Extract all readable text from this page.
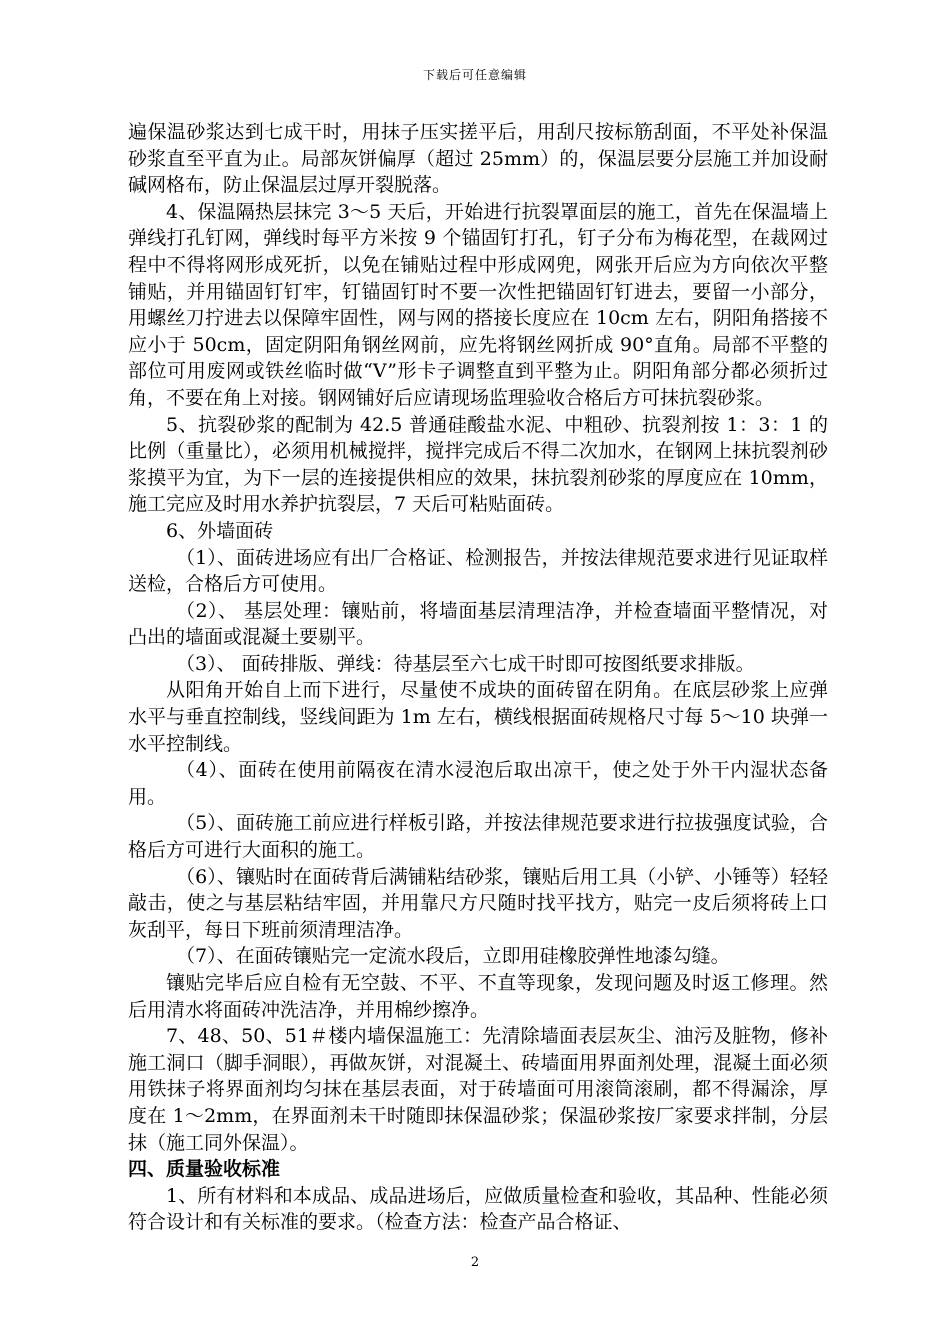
下载后可任意编辑

遍保温砂浆达到七成干时，用抹子压实搓平后，用刮尺按标筋刮面，不平处补保温砂浆直至平直为止。局部灰饼偏厚（超过 25mm）的，保温层要分层施工并加设耐碱网格布，防止保温层过厚开裂脱落。

4、保温隔热层抹完 3～5 天后，开始进行抗裂罩面层的施工，首先在保温墙上弹线打孔钉网，弹线时每平方米按 9 个锚固钉打孔，钉子分布为梅花型，在裁网过程中不得将网形成死折，以免在铺贴过程中形成网兜，网张开后应为方向依次平整铺贴，并用锚固钉钉牢，钉锚固钉时不要一次性把锚固钉钉进去，要留一小部分，用螺丝刀拧进去以保障牢固性，网与网的搭接长度应在 10cm 左右，阴阳角搭接不应小于 50cm，固定阴阳角钢丝网前，应先将钢丝网折成 90°直角。局部不平整的部位可用废网或铁丝临时做“V”形卡子调整直到平整为止。阴阳角部分都必须折过角，不要在角上对接。钢网铺好后应请现场监理验收合格后方可抹抗裂砂浆。

5、抗裂砂浆的配制为 42.5 普通硅酸盐水泥、中粗砂、抗裂剂按 1：3：1 的比例（重量比），必须用机械搅拌，搅拌完成后不得二次加水，在钢网上抹抗裂剂砂浆摸平为宜，为下一层的连接提供相应的效果，抹抗裂剂砂浆的厚度应在 10mm，施工完应及时用水养护抗裂层，7 天后可粘贴面砖。

6、外墙面砖

（1）、面砖进场应有出厂合格证、检测报告，并按法律规范要求进行见证取样送检，合格后方可使用。

（2）、 基层处理：镶贴前，将墙面基层清理洁净，并检查墙面平整情况，对凸出的墙面或混凝土要剔平。

（3）、 面砖排版、弹线：待基层至六七成干时即可按图纸要求排版。

从阳角开始自上而下进行，尽量使不成块的面砖留在阴角。在底层砂浆上应弹水平与垂直控制线，竖线间距为 1m 左右，横线根据面砖规格尺寸每 5～10 块弹一水平控制线。

（4）、面砖在使用前隔夜在清水浸泡后取出凉干，使之处于外干内湿状态备用。

（5）、面砖施工前应进行样板引路，并按法律规范要求进行拉拔强度试验，合格后方可进行大面积的施工。

（6）、镶贴时在面砖背后满铺粘结砂浆，镶贴后用工具（小铲、小锤等）轻轻敲击，使之与基层粘结牢固，并用靠尺方尺随时找平找方，贴完一皮后须将砖上口灰刮平，每日下班前须清理洁净。

（7）、在面砖镶贴完一定流水段后，立即用硅橡胶弹性地漆勾缝。

镶贴完毕后应自检有无空鼓、不平、不直等现象，发现问题及时返工修理。然后用清水将面砖冲洗洁净，并用棉纱擦净。

7、48、50、51＃楼内墙保温施工：先清除墙面表层灰尘、油污及脏物，修补施工洞口（脚手洞眼），再做灰饼，对混凝土、砖墙面用界面剂处理，混凝土面必须用铁抹子将界面剂均匀抹在基层表面，对于砖墙面可用滚筒滚刷，都不得漏涂，厚度在 1～2mm，在界面剂未干时随即抹保温砂浆；保温砂浆按厂家要求拌制，分层抹（施工同外保温）。

四、质量验收标准

1、所有材料和本成品、成品进场后，应做质量检查和验收，其品种、性能必须符合设计和有关标准的要求。（检查方法：检查产品合格证、

2
